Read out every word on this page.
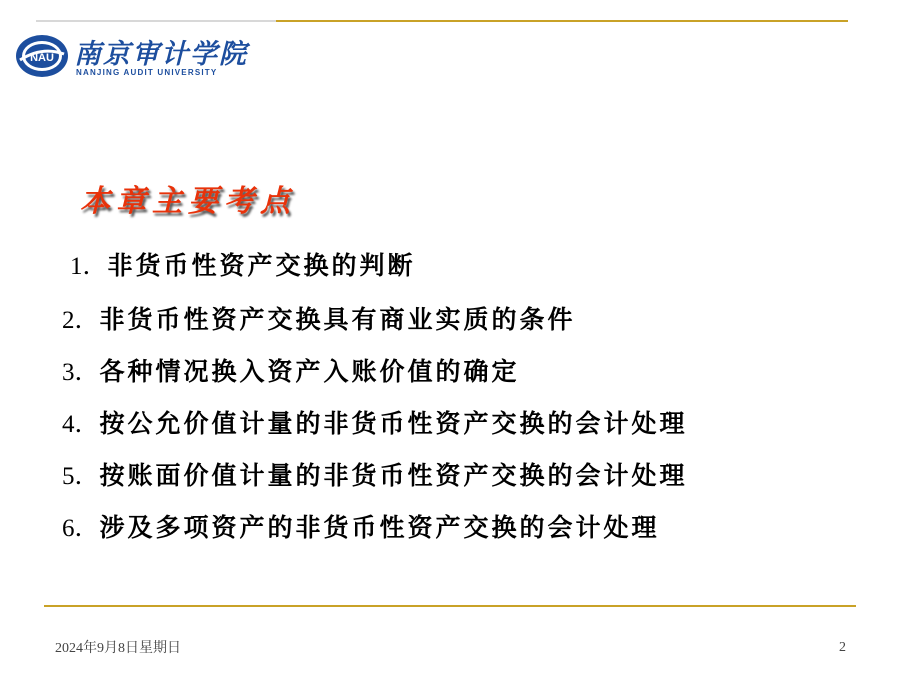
NAU 南京审计学院
NANJING AUDIT UNIVERSITY
本章主要考点
1．非货币性资产交换的判断
2．非货币性资产交换具有商业实质的条件
3．各种情况换入资产入账价值的确定
4．按公允价值计量的非货币性资产交换的会计处理
5．按账面价值计量的非货币性资产交换的会计处理
6．涉及多项资产的非货币性资产交换的会计处理
2024年9月8日星期日	2
